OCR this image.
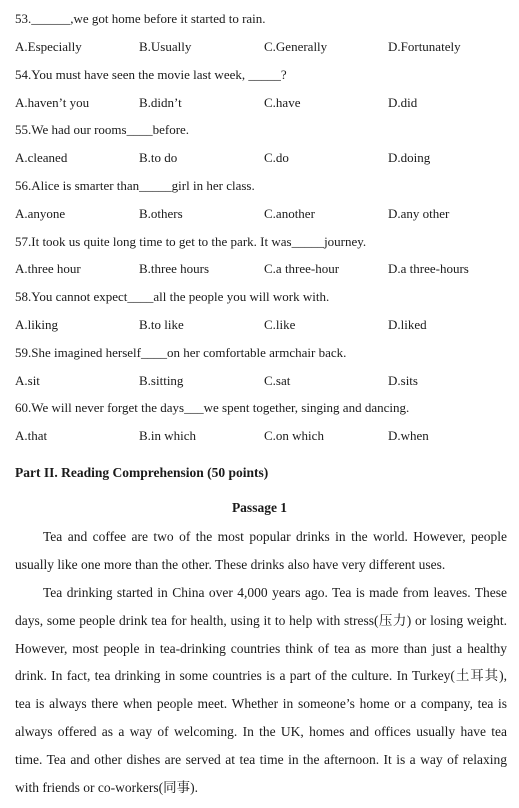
53.______,we got home before it started to rain.
A.Especially	B.Usually	C.Generally	D.Fortunately
54.You must have seen the movie last week, _____?
A.haven’t you	B.didn’t	C.have	D.did
55.We had our rooms____before.
A.cleaned	B.to do	C.do	D.doing
56.Alice is smarter than_____girl in her class.
A.anyone	B.others	C.another	D.any other
57.It took us quite long time to get to the park. It was_____journey.
A.three hour	B.three hours	C.a three-hour	D.a three-hours
58.You cannot expect____all the people you will work with.
A.liking	B.to like	C.like	D.liked
59.She imagined herself____on her comfortable armchair back.
A.sit	B.sitting	C.sat	D.sits
60.We will never forget the days___we spent together, singing and dancing.
A.that	B.in which	C.on which	D.when
Part II. Reading Comprehension (50 points)
Passage 1
Tea and coffee are two of the most popular drinks in the world. However, people usually like one more than the other. These drinks also have very different uses.
Tea drinking started in China over 4,000 years ago. Tea is made from leaves. These days, some people drink tea for health, using it to help with stress(压力) or losing weight. However, most people in tea-drinking countries think of tea as more than just a healthy drink. In fact, tea drinking in some countries is a part of the culture. In Turkey(土耳其), tea is always there when people meet. Whether in someone’s home or a company, tea is always offered as a way of welcoming. In the UK, homes and offices usually have tea time. Tea and other dishes are served at tea time in the afternoon. It is a way of relaxing with friends or co-workers(同事).
